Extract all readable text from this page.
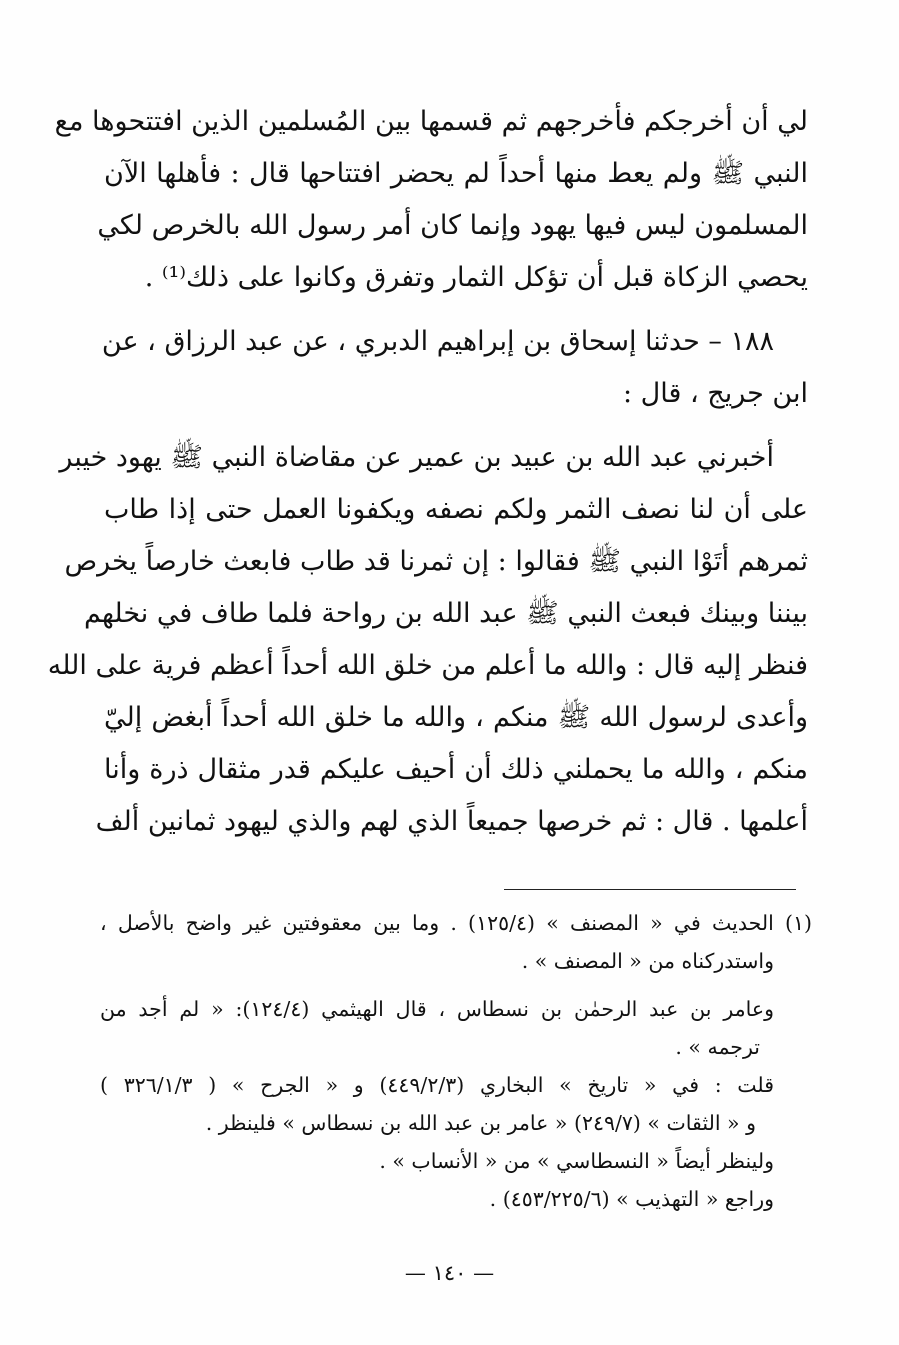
لي أن أخرجكم فأخرجهم ثم قسمها بين المُسلمين الذين افتتحوها مع
النبي ﷺ ولم يعط منها أحداً لم يحضر افتتاحها قال : فأهلها الآن
المسلمون ليس فيها يهود وإنما كان أمر رسول الله بالخرص لكي
يحصي الزكاة قبل أن تؤكل الثمار وتفرق وكانوا على ذلك⁽¹⁾ .

١٨٨ – حدثنا إسحاق بن إبراهيم الدبري ، عن عبد الرزاق ، عن
ابن جريج ، قال :

أخبرني عبد الله بن عبيد بن عمير عن مقاضاة النبي ﷺ يهود خيبر
على أن لنا نصف الثمر ولكم نصفه ويكفونا العمل حتى إذا طاب
ثمرهم أتَوْا النبي ﷺ فقالوا : إن ثمرنا قد طاب فابعث خارصاً يخرص
بيننا وبينك فبعث النبي ﷺ عبد الله بن رواحة فلما طاف في نخلهم
فنظر إليه قال : والله ما أعلم من خلق الله أحداً أعظم فرية على الله
وأعدى لرسول الله ﷺ منكم ، والله ما خلق الله أحداً أبغض إليّ
منكم ، والله ما يحملني ذلك أن أحيف عليكم قدر مثقال ذرة وأنا
أعلمها . قال : ثم خرصها جميعاً الذي لهم والذي ليهود ثمانين ألف

(١) الحديث في « المصنف » (١٢٥/٤) . وما بين معقوفتين غير واضح بالأصل ،
واستدركناه من « المصنف » .

وعامر بن عبد الرحمٰن بن نسطاس ، قال الهيثمي (١٢٤/٤): « لم أجد من
ترجمه » .

قلت : في « تاريخ » البخاري (٤٤٩/٢/٣) و « الجرح » ( ٣٢٦/١/٣ )
و « الثقات » (٢٤٩/٧) « عامر بن عبد الله بن نسطاس » فلينظر .

ولينظر أيضاً « النسطاسي » من « الأنساب » .

وراجع « التهذيب » (٤٥٣/٢٢٥/٦) .

— ١٤٠ —
